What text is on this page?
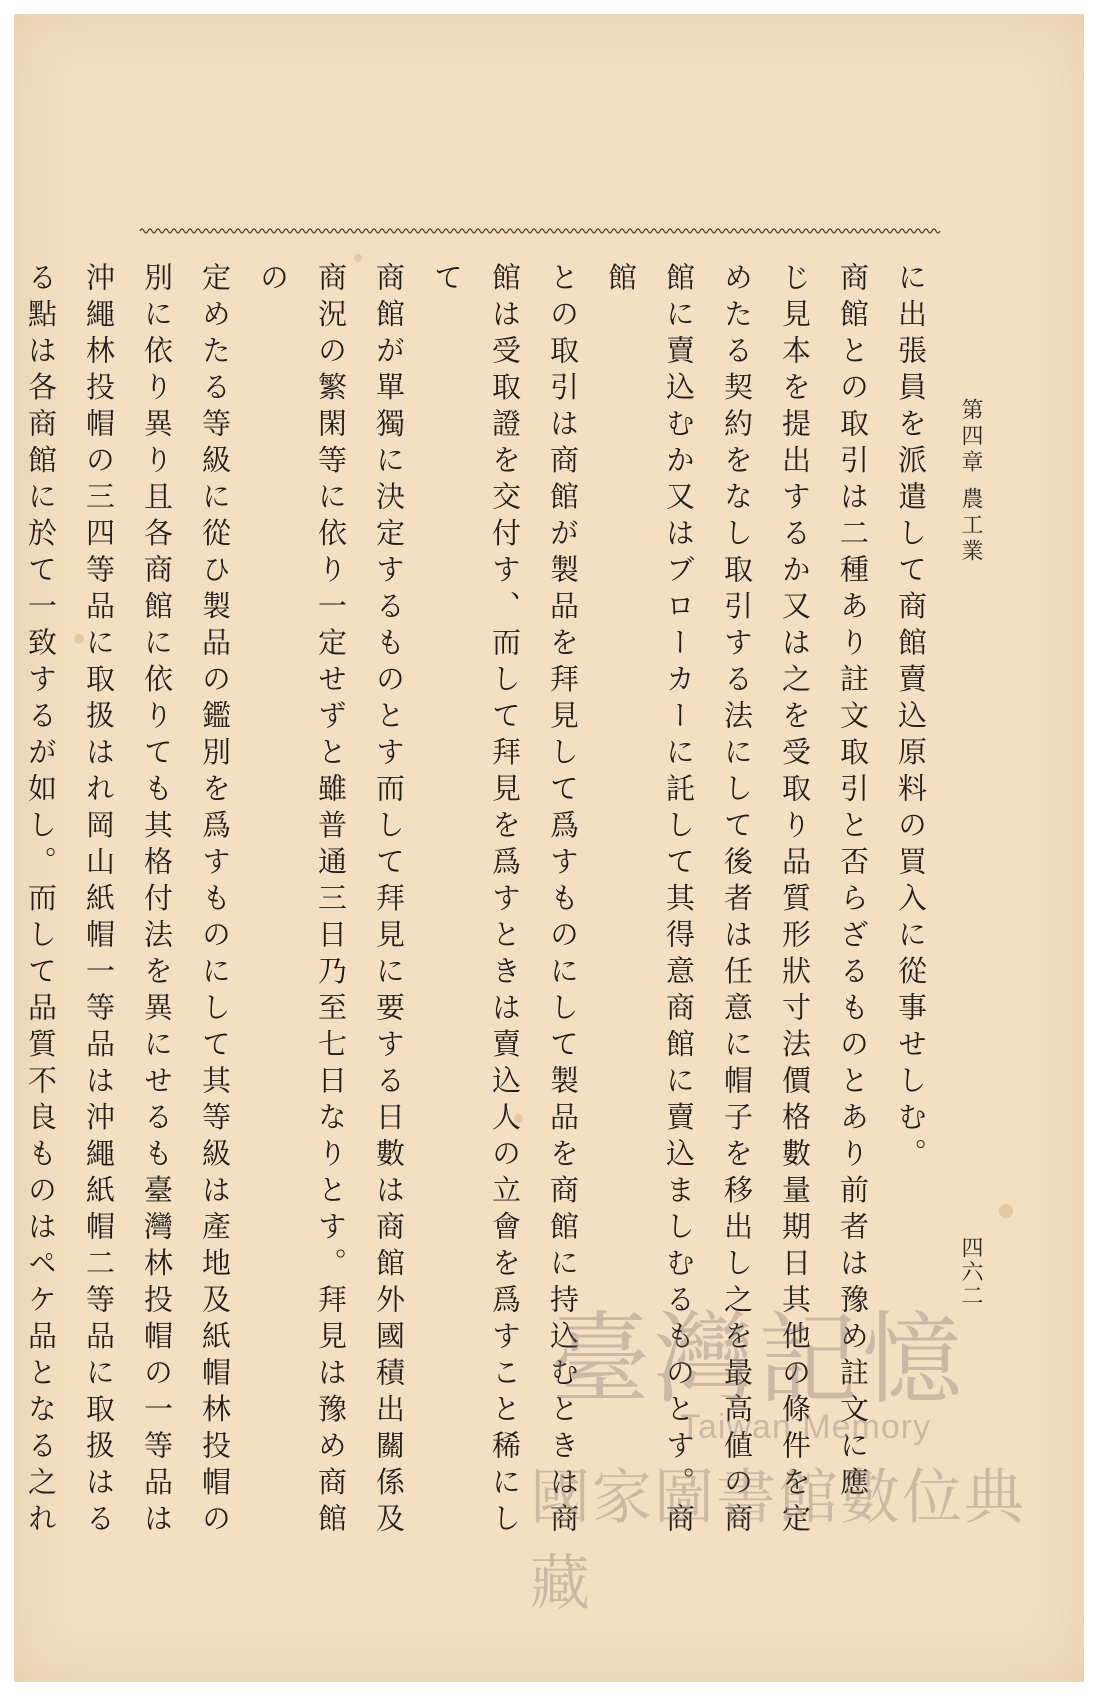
第四章 農工業
四六二

に出張員を派遣して商館賣込原料の買入に從事せしむ。

商館との取引は二種あり註文取引と否らざるものとあり前者は豫め註文に應

じ見本を提出するか又は之を受取り品質形狀寸法價格數量期日其他の條件を定

めたる契約をなし取引する法にして後者は任意に帽子を移出し之を最高値の商

館に賣込むか又はブローカーに託して其得意商館に賣込ましむるものとす。商館

との取引は商館が製品を拜見して爲すものにして製品を商館に持込むときは商

館は受取證を交付す、而して拜見を爲すときは賣込人の立會を爲すこと稀にして

商館が單獨に決定するものとす而して拜見に要する日數は商館外國積出關係及

商況の繁閑等に依り一定せずと雖普通三日乃至七日なりとす。拜見は豫め商館の

定めたる等級に從ひ製品の鑑別を爲すものにして其等級は產地及紙帽林投帽の

別に依り異り且各商館に依りても其格付法を異にせるも臺灣林投帽の一等品は

沖繩林投帽の三四等品に取扱はれ岡山紙帽一等品は沖繩紙帽二等品に取扱はる

る點は各商館に於て一致するが如し。而して品質不良ものはペケ品となる之れ

臺灣記憶
Taiwan Memory
國家圖書館數位典藏
